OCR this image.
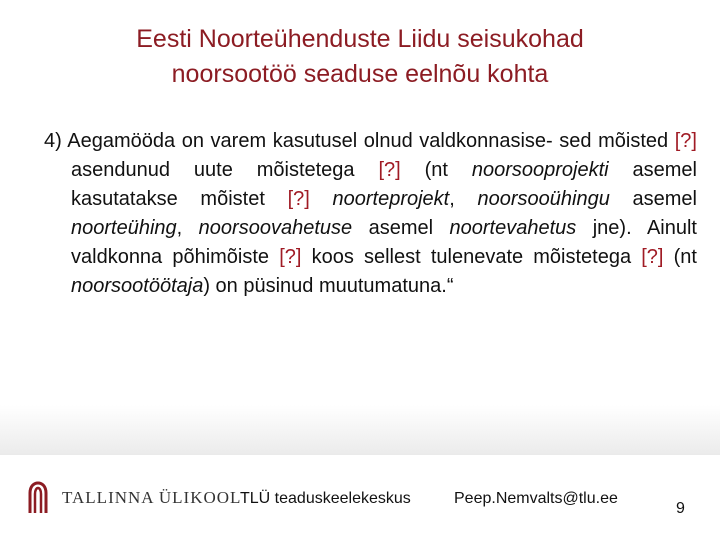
Eesti Noorteühenduste Liidu seisukohad
noorsootöö seaduse eelnõu kohta
4) Aegamööda on varem kasutusel olnud valdkonnasise- sed mõisted [?] asendunud uute mõistetega [?] (nt noorsooprojekti asemel kasutatakse mõistet [?] noorteprojekt, noorsooühingu asemel noorteühing, noorsoovahetuse asemel noortevahetus jne). Ainult valdkonna põhimõiste [?] koos sellest tulenevate mõistetega [?] (nt noorsootöötaja) on püsinud muutumatuna.“
TALLINNA ÜLIKOOL
TLÜ teaduskeelekeskus	Peep.Nemvalts@tlu.ee
9
